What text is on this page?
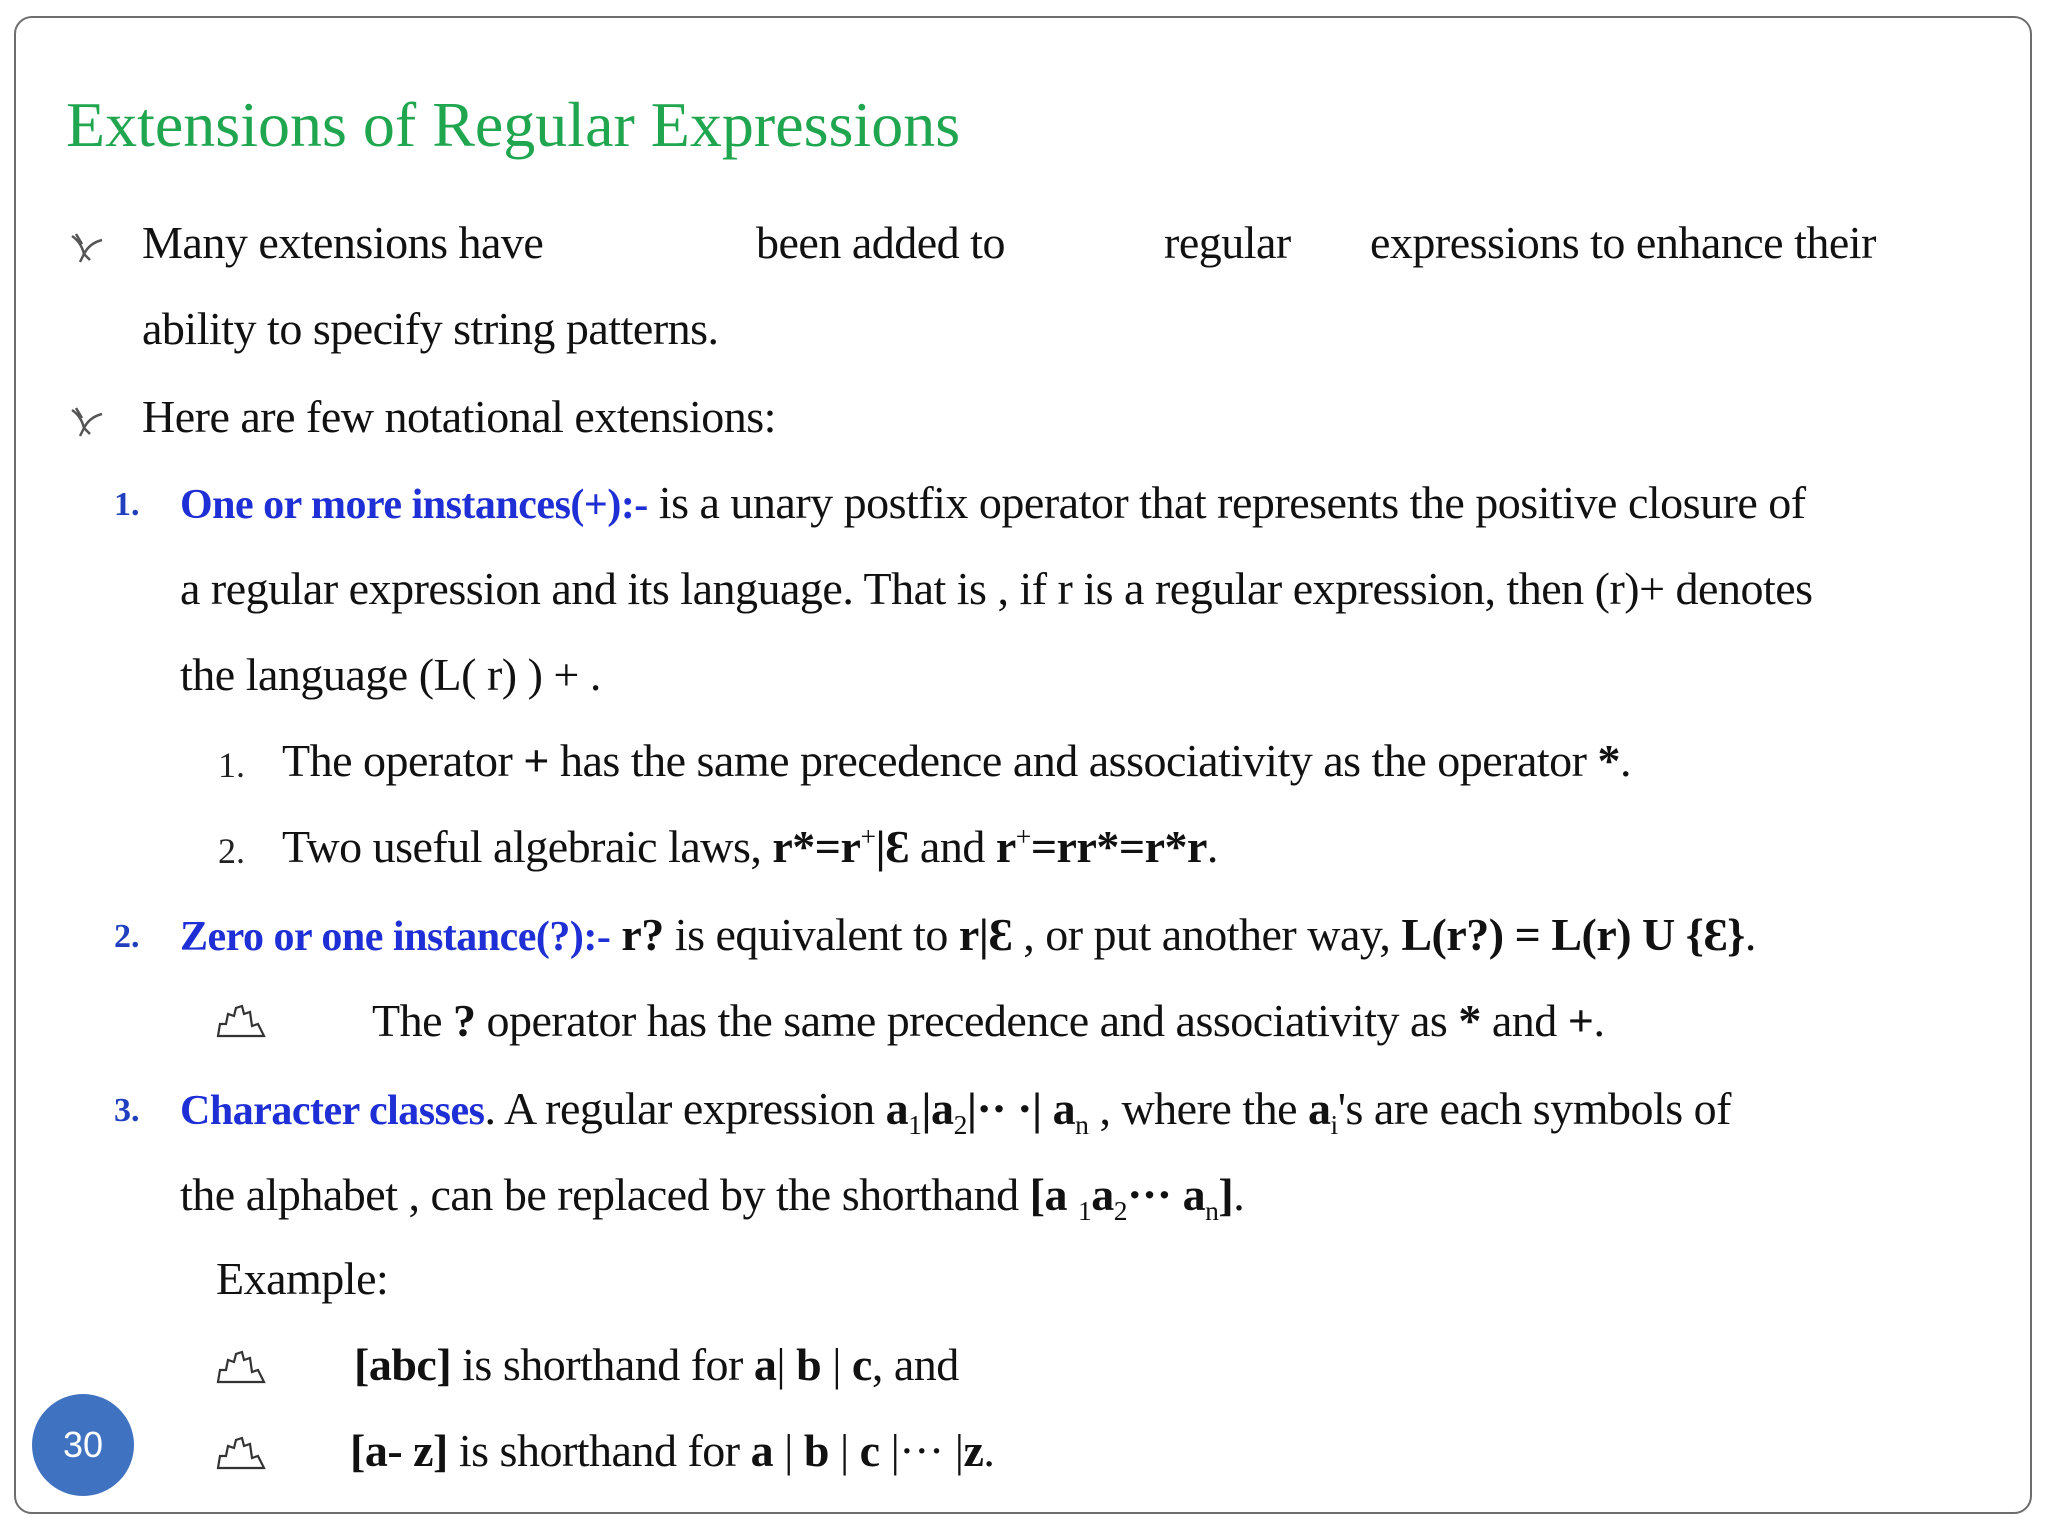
Extensions of Regular Expressions
Many extensions have	been added to	regular expressions to enhance their
ability to specify string patterns.
Here are few notational extensions:
1. One or more instances(+):- is a unary postfix operator that represents the positive closure of
a regular expression and its language. That is , if r is a regular expression, then (r)+ denotes
the language (L( r) ) + .
1. The operator + has the same precedence and associativity as the operator *.
2. Two useful algebraic laws, r*=r+|Ɛ and r+=rr*=r*r.
2. Zero or one instance(?):- r? is equivalent to r|Ɛ , or put another way, L(r?) = L(r) U {Ɛ}.
The ? operator has the same precedence and associativity as * and +.
3. Character classes. A regular expression $a_1|a_2|\cdot\cdot$ ·| $a_n$ , where the $a_i's$ are each symbols of
the alphabet , can be replaced by the shorthand [a $_1a_2\cdot\cdot\cdot a_n$].
Example:
[abc] is shorthand for a| b | c, and
[a- z] is shorthand for a | b | c |··· |z.
30
